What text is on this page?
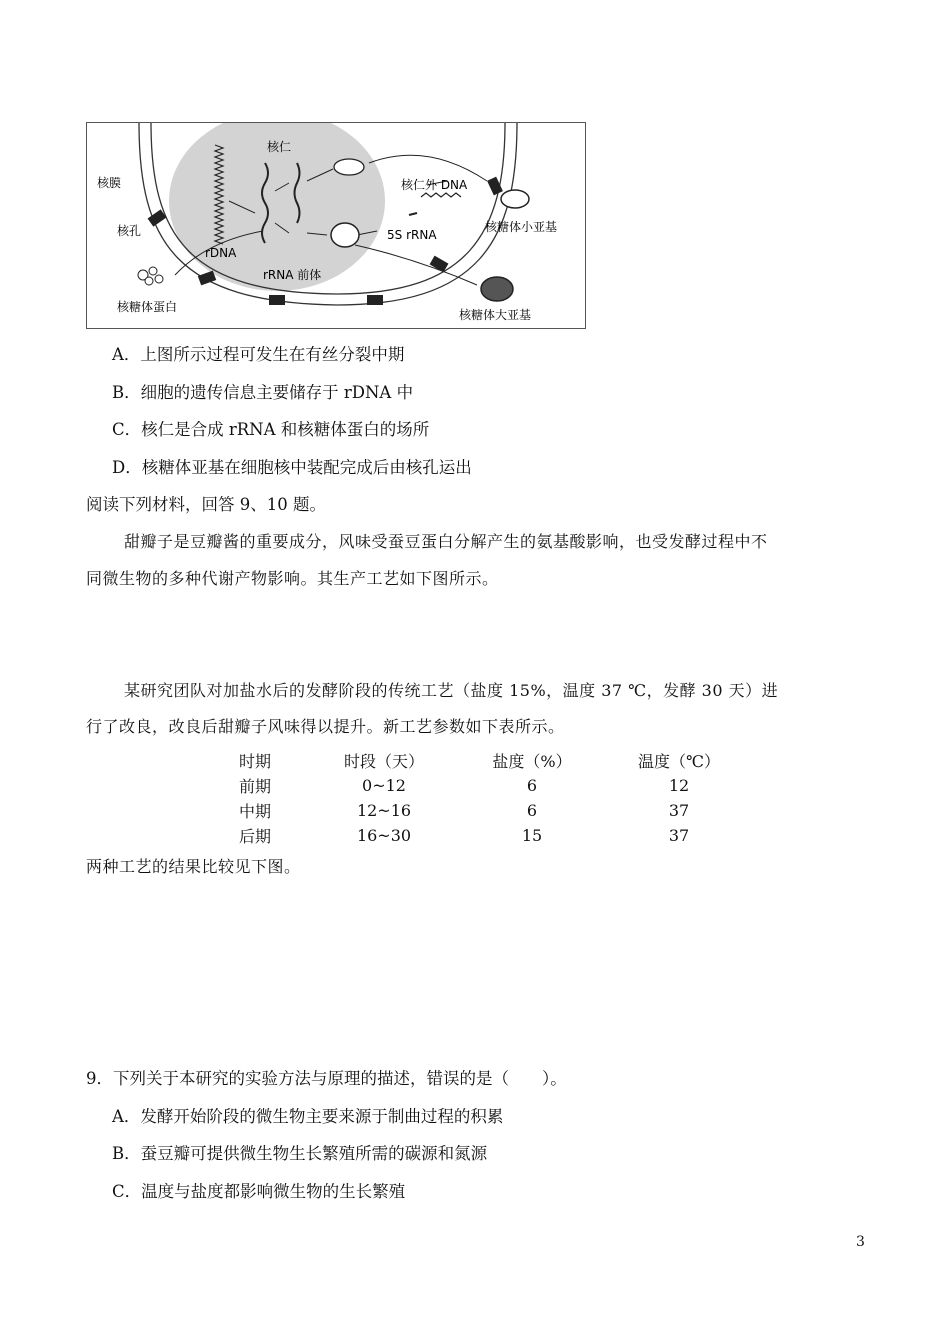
核仁
核膜
核孔
rDNA
rRNA 前体
核糖体蛋白
核仁外 DNA
5S rRNA
核糖体小亚基
核糖体大亚基
A．上图所示过程可发生在有丝分裂中期
B．细胞的遗传信息主要储存于 rDNA 中
C．核仁是合成 rRNA 和核糖体蛋白的场所
D．核糖体亚基在细胞核中装配完成后由核孔运出
阅读下列材料，回答 9、10 题。
甜瓣子是豆瓣酱的重要成分，风味受蚕豆蛋白分解产生的氨基酸影响，也受发酵过程中不
同微生物的多种代谢产物影响。其生产工艺如下图所示。
某研究团队对加盐水后的发酵阶段的传统工艺（盐度 15%，温度 37 ℃，发酵 30 天）进
行了改良，改良后甜瓣子风味得以提升。新工艺参数如下表所示。
时期	时段（天）	盐度（%）	温度（℃）
前期	0~12	6	12
中期	12~16	6	37
后期	16~30	15	37
两种工艺的结果比较见下图。
9．下列关于本研究的实验方法与原理的描述，错误的是（　　）。
A．发酵开始阶段的微生物主要来源于制曲过程的积累
B．蚕豆瓣可提供微生物生长繁殖所需的碳源和氮源
C．温度与盐度都影响微生物的生长繁殖
3
